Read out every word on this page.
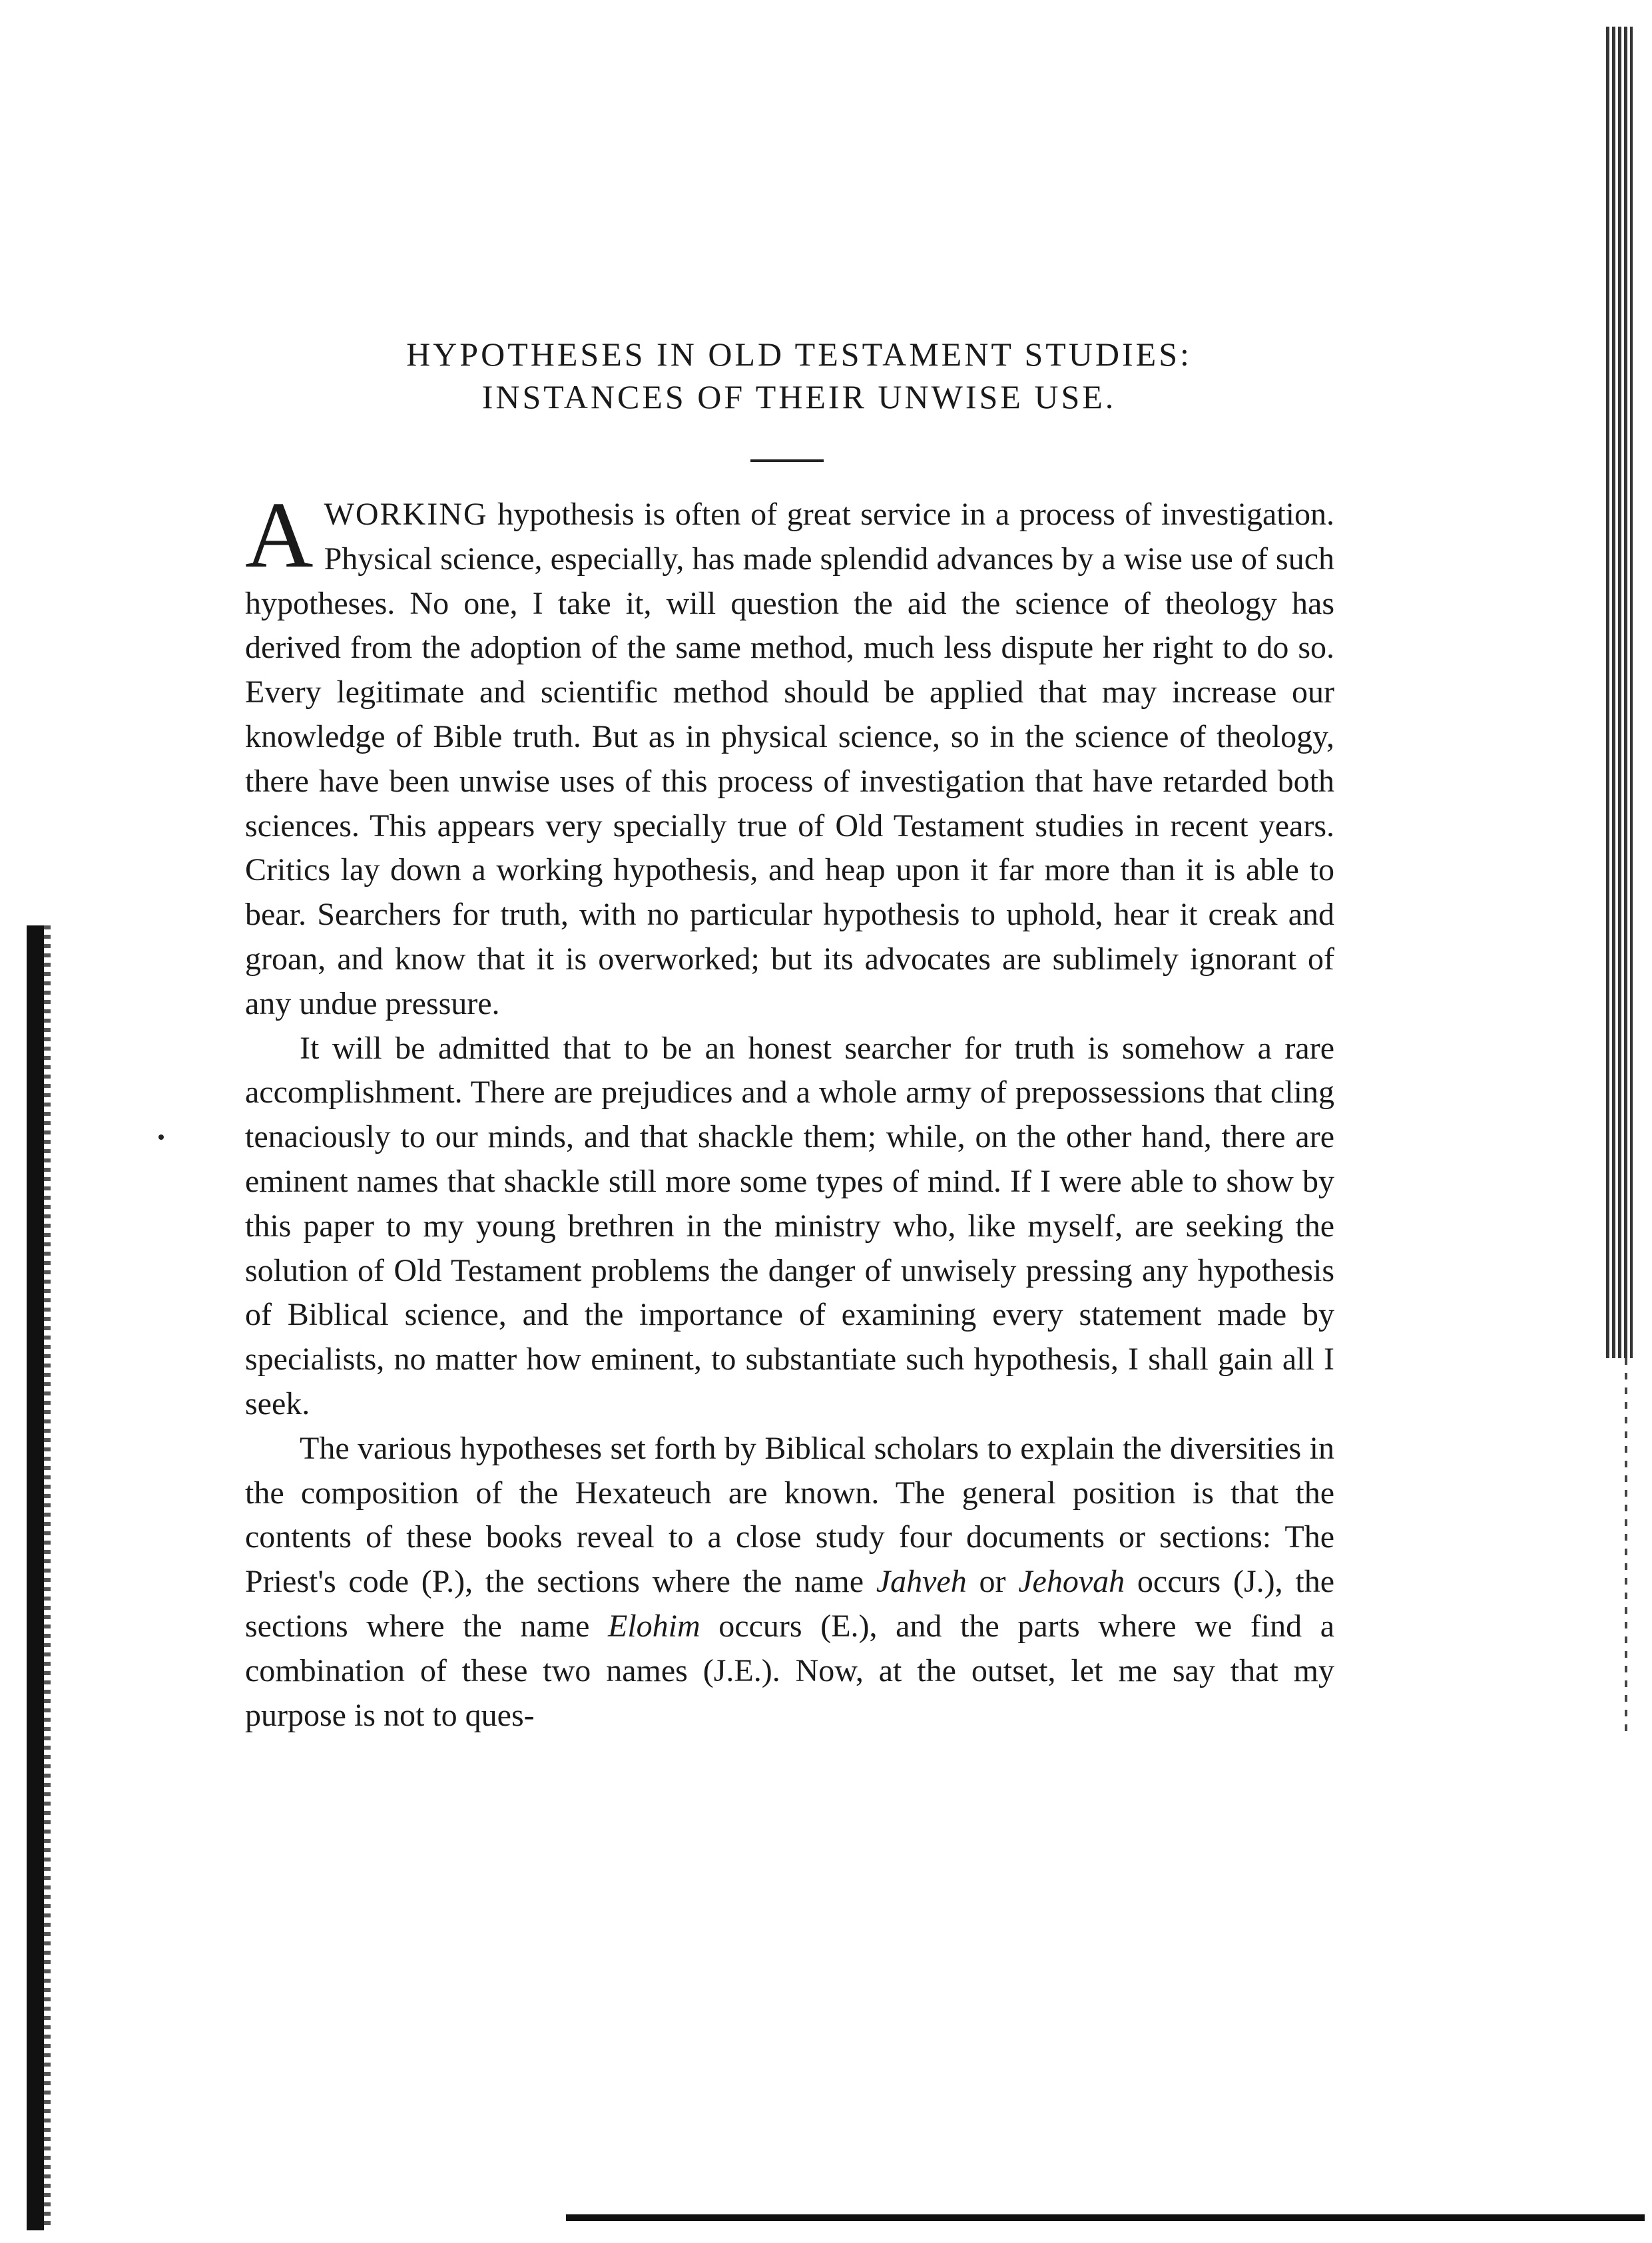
HYPOTHESES IN OLD TESTAMENT STUDIES:
INSTANCES OF THEIR UNWISE USE.

AWORKING hypothesis is often of great service in a process of investigation. Physical science, especially, has made splendid advances by a wise use of such hypotheses. No one, I take it, will question the aid the science of theology has derived from the adoption of the same method, much less dispute her right to do so. Every legitimate and scientific method should be applied that may increase our knowledge of Bible truth. But as in physical science, so in the science of theology, there have been unwise uses of this process of investigation that have retarded both sciences. This appears very specially true of Old Testament studies in recent years. Critics lay down a working hypothesis, and heap upon it far more than it is able to bear. Searchers for truth, with no particular hypothesis to uphold, hear it creak and groan, and know that it is overworked; but its advocates are sublimely ignorant of any undue pressure.

It will be admitted that to be an honest searcher for truth is somehow a rare accomplishment. There are prejudices and a whole army of prepossessions that cling tenaciously to our minds, and that shackle them; while, on the other hand, there are eminent names that shackle still more some types of mind. If I were able to show by this paper to my young brethren in the ministry who, like myself, are seeking the solution of Old Testament problems the danger of unwisely pressing any hypothesis of Biblical science, and the importance of examining every statement made by specialists, no matter how eminent, to substantiate such hypothesis, I shall gain all I seek.

The various hypotheses set forth by Biblical scholars to explain the diversities in the composition of the Hexateuch are known. The general position is that the contents of these books reveal to a close study four documents or sections: The Priest's code (P.), the sections where the name Jahveh or Jehovah occurs (J.), the sections where the name Elohim occurs (E.), and the parts where we find a combination of these two names (J.E.). Now, at the outset, let me say that my purpose is not to ques-
